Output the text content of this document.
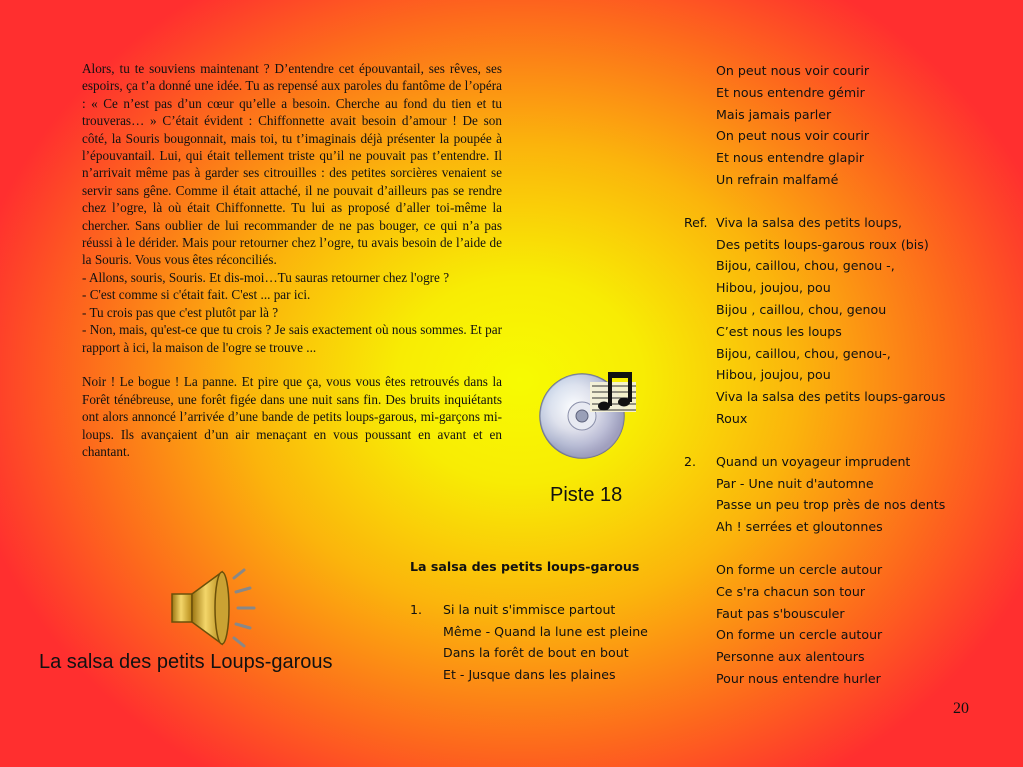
Alors, tu te souviens maintenant ? D’entendre cet épouvantail, ses rêves, ses espoirs, ça t’a donné une idée. Tu as repensé aux paroles du fantôme de l’opéra : « Ce n’est pas d’un cœur qu’elle a besoin. Cherche au fond du tien et tu trouveras… » C’était évident : Chiffonnette avait besoin d’amour ! De son côté, la Souris bougonnait, mais toi, tu t’imaginais déjà présenter la poupée à l’épouvantail. Lui, qui était tellement triste qu’il ne pouvait pas t’entendre. Il n’arrivait même pas à garder ses citrouilles : des petites sorcières venaient se servir sans gêne. Comme il était attaché, il ne pouvait d’ailleurs pas se rendre chez l’ogre, là où était Chiffonnette. Tu lui as proposé d’aller toi-même la chercher. Sans oublier de lui recommander de ne pas bouger, ce qui n’a pas réussi à le dérider. Mais pour retourner chez l’ogre, tu avais besoin de l’aide de la Souris. Vous vous êtes réconciliés.

- Allons, souris, Souris. Et dis-moi…Tu sauras retourner chez l'ogre ?

- C'est comme si c'était fait. C'est ... par ici.

- Tu crois pas que c'est plutôt par là ?

- Non, mais, qu'est-ce que tu crois ? Je sais exactement où nous sommes. Et par rapport à ici, la maison de l'ogre se trouve ...

Noir ! Le bogue ! La panne. Et pire que ça, vous vous êtes retrouvés dans la Forêt ténébreuse, une forêt figée dans une nuit sans fin. Des bruits inquiétants ont alors annoncé l’arrivée d’une bande de petits loups-garous, mi-garçons mi-loups. Ils avançaient d’un air menaçant en vous poussant en avant et en chantant.

Piste 18
La salsa des petits Loups-garous
La salsa des petits loups-garous
1. Si la nuit s'immisce partout
Même - Quand la lune est pleine
Dans la forêt de bout en bout
Et - Jusque dans les plaines
On peut nous voir courir
Et nous entendre gémir
Mais jamais parler
On peut nous voir courir
Et nous entendre glapir
Un refrain malfamé
Ref. Viva la salsa des petits loups,
Des petits loups-garous roux (bis)
Bijou, caillou, chou, genou -,
Hibou, joujou, pou
Bijou , caillou, chou, genou
C’est nous les loups
Bijou, caillou, chou, genou-,
Hibou, joujou, pou
Viva la salsa des petits loups-garous
Roux
2. Quand un voyageur imprudent
Par - Une nuit d'automne
Passe un peu trop près de nos dents
Ah ! serrées et gloutonnes
On forme un cercle autour
Ce s'ra chacun son tour
Faut pas s'bousculer
On forme un cercle autour
Personne aux alentours
Pour nous entendre hurler
20
